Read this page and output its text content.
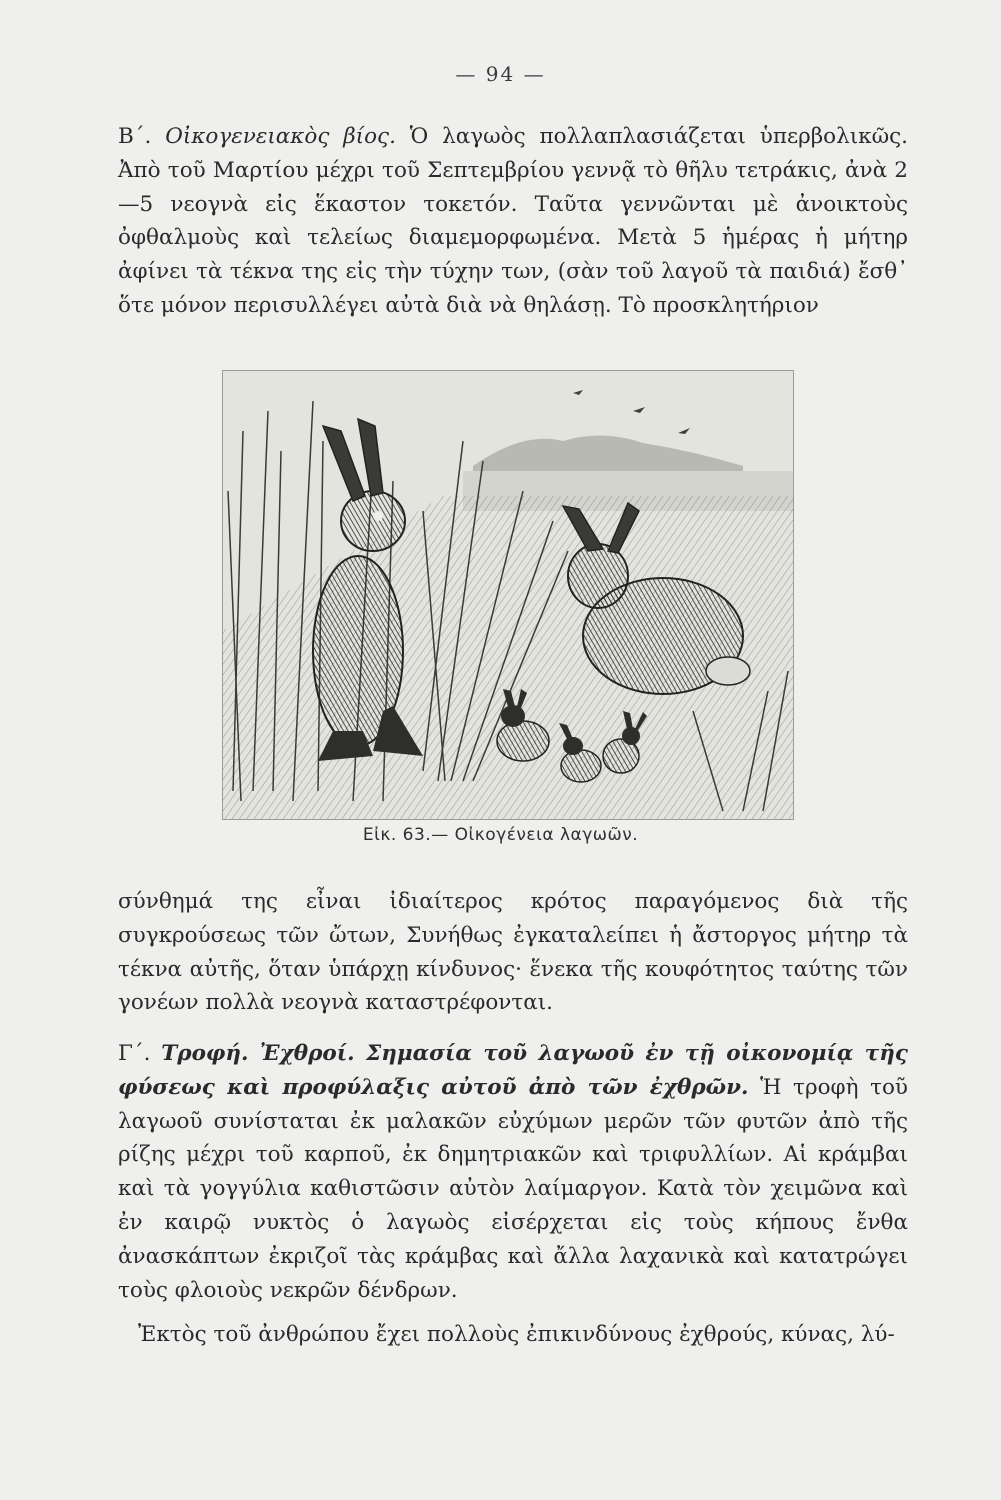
— 94 —

Β΄. Οἰκογενειακὸς βίος. Ὁ λαγωὸς πολλαπλασιάζεται ὑπερβολικῶς. Ἀπὸ τοῦ Μαρτίου μέχρι τοῦ Σεπτεμβρίου γεννᾷ τὸ θῆλυ τετράκις, ἀνὰ 2—5 νεογνὰ εἰς ἕκαστον τοκετόν. Ταῦτα γεννῶνται μὲ ἀνοικτοὺς ὀφθαλμοὺς καὶ τελείως διαμεμορφωμένα. Μετὰ 5 ἡμέρας ἡ μήτηρ ἀφίνει τὰ τέκνα της εἰς τὴν τύχην των, (σὰν τοῦ λαγοῦ τὰ παιδιά) ἔσθ᾽ ὅτε μόνον περισυλλέγει αὐτὰ διὰ νὰ θηλάσῃ. Τὸ προσκλητήριον

Εἰκ. 63.— Οἰκογένεια λαγωῶν.

σύνθημά της εἶναι ἰδιαίτερος κρότος παραγόμενος διὰ τῆς συγκρούσεως τῶν ὤτων, Συνήθως ἐγκαταλείπει ἡ ἄστοργος μήτηρ τὰ τέκνα αὐτῆς, ὅταν ὑπάρχῃ κίνδυνος· ἕνεκα τῆς κουφότητος ταύτης τῶν γονέων πολλὰ νεογνὰ καταστρέφονται.

Γ΄. Τροφή. Ἐχθροί. Σημασία τοῦ λαγωοῦ ἐν τῇ οἰκονομίᾳ τῆς φύσεως καὶ προφύλαξις αὐτοῦ ἀπὸ τῶν ἐχθρῶν. Ἡ τροφὴ τοῦ λαγωοῦ συνίσταται ἐκ μαλακῶν εὐχύμων μερῶν τῶν φυτῶν ἀπὸ τῆς ρίζης μέχρι τοῦ καρποῦ, ἐκ δημητριακῶν καὶ τριφυλλίων. Αἱ κράμβαι καὶ τὰ γογγύλια καθιστῶσιν αὐτὸν λαίμαργον. Κατὰ τὸν χειμῶνα καὶ ἐν καιρῷ νυκτὸς ὁ λαγωὸς εἰσέρχεται εἰς τοὺς κήπους ἔνθα ἀνασκάπτων ἐκριζοῖ τὰς κράμβας καὶ ἄλλα λαχανικὰ καὶ κατατρώγει τοὺς φλοιοὺς νεκρῶν δένδρων.

Ἐκτὸς τοῦ ἀνθρώπου ἔχει πολλοὺς ἐπικινδύνους ἐχθρούς, κύνας, λύ-
